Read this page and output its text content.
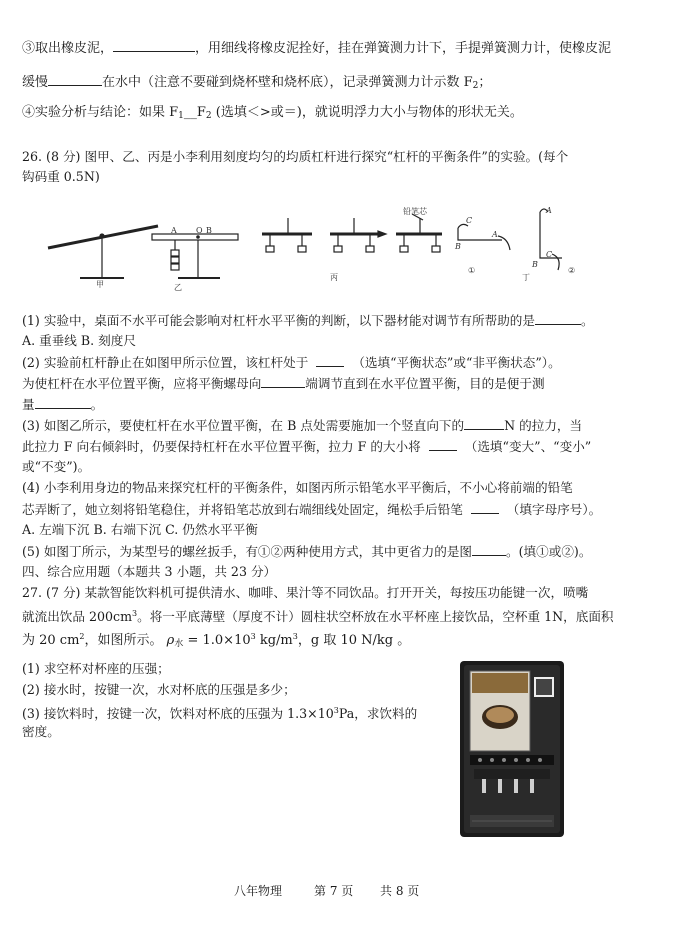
③取出橡皮泥，	，用细线将橡皮泥拴好，挂在弹簧测力计下，手提弹簧测力计，使橡皮泥
缓慢	在水中（注意不要碰到烧杯壁和烧杯底），记录弹簧测力计示数 $F_2$；
④实验分析与结论：如果 $F_1\_\_F_2$ (选填＜>或＝)，就说明浮力大小与物体的形状无关。
26. (8 分) 图甲、乙、丙是小李利用刻度均匀的均质杠杆进行探究“杠杆的平衡条件”的实验。(每个
钩码重 0.5N)
甲	乙
丙	丁
铅笔芯
A O B
C
B
A
A
B
C
①	②
(1) 实验中，桌面不水平可能会影响对杠杆水平平衡的判断，以下器材能对调节有所帮助的是	。
A. 重垂线 B. 刻度尺
(2) 实验前杠杆静止在如图甲所示位置，该杠杆处于	（选填“平衡状态”或“非平衡状态”）。
为使杠杆在水平位置平衡，应将平衡螺母向	端调节直到在水平位置平衡，目的是便于测
量	。
(3) 如图乙所示，要使杠杆在水平位置平衡，在 B 点处需要施加一个竖直向下的	N 的拉力，当
此拉力 F 向右倾斜时，仍要保持杠杆在水平位置平衡，拉力 F 的大小将	（选填“变大”、“变小”
或“不变”)。
(4) 小李利用身边的物品来探究杠杆的平衡条件，如图丙所示铅笔水平平衡后，不小心将前端的铅笔
芯弄断了，她立刻将铅笔稳住，并将铅笔芯放到右端细线处固定，绳松手后铅笔	（填字母序号）。
A. 左端下沉 B. 右端下沉 C. 仍然水平平衡
(5) 如图丁所示，为某型号的螺丝扳手，有①②两种使用方式，其中更省力的是图	。(填①或②)。
四、综合应用题（本题共 3 小题，共 23 分）
27. (7 分) 某款智能饮料机可提供清水、咖啡、果汁等不同饮品。打开开关，每按压功能键一次，喷嘴
就流出饮品 $200cm^3$。将一平底薄壁（厚度不计）圆柱状空杯放在水平杯座上接饮品，空杯重 1N，底面积
为 20 $cm^2$，如图所示。 $\rho_水 = 1.0\times 10^3$ $kg/m^3$，g 取 10 N/kg 。
(1) 求空杯对杯座的压强；
(2) 接水时，按键一次，水对杯底的压强是多少；
(3) 接饮料时，按键一次，饮料对杯底的压强为 $1.3\times 10^3Pa$，求饮料的
密度。
八年物理	第 7 页 共 8 页
